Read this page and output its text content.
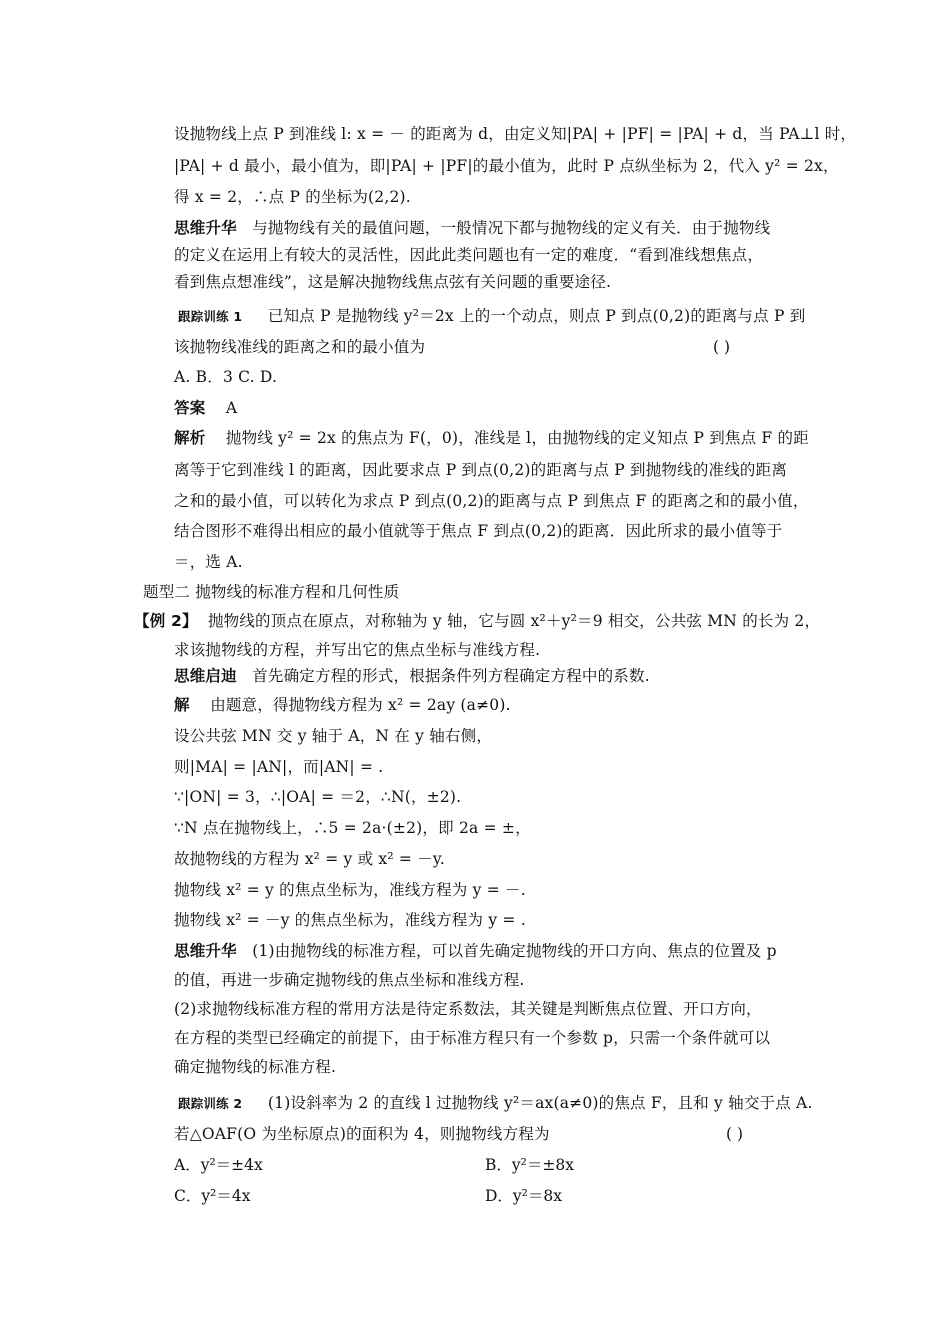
设抛物线上点 P 到准线 l: x = － 的距离为 d，由定义知|PA| + |PF| = |PA| + d，当 PA⊥l 时，
|PA| + d 最小，最小值为，即|PA| + |PF|的最小值为，此时 P 点纵坐标为 2，代入 y² = 2x，
得 x = 2，∴点 P 的坐标为(2,2).
思维升华 与抛物线有关的最值问题，一般情况下都与抛物线的定义有关．由于抛物线
的定义在运用上有较大的灵活性，因此此类问题也有一定的难度．“看到准线想焦点，
看到焦点想准线”，这是解决抛物线焦点弦有关问题的重要途径.
跟踪训练 1 已知点 P 是抛物线 y²＝2x 上的一个动点，则点 P 到点(0,2)的距离与点 P 到
该抛物线准线的距离之和的最小值为	( )
A. B．3 C. D.
答案 A
解析 抛物线 y² = 2x 的焦点为 F(，0)，准线是 l，由抛物线的定义知点 P 到焦点 F 的距
离等于它到准线 l 的距离，因此要求点 P 到点(0,2)的距离与点 P 到抛物线的准线的距离
之和的最小值，可以转化为求点 P 到点(0,2)的距离与点 P 到焦点 F 的距离之和的最小值，
结合图形不难得出相应的最小值就等于焦点 F 到点(0,2)的距离．因此所求的最小值等于
＝，选 A.
题型二 抛物线的标准方程和几何性质
【例 2】 抛物线的顶点在原点，对称轴为 y 轴，它与圆 x²＋y²＝9 相交，公共弦 MN 的长为 2，
求该抛物线的方程，并写出它的焦点坐标与准线方程.
思维启迪 首先确定方程的形式，根据条件列方程确定方程中的系数.
解 由题意，得抛物线方程为 x² = 2ay (a≠0).
设公共弦 MN 交 y 轴于 A，N 在 y 轴右侧，
则|MA| = |AN|，而|AN| = .
∵|ON| = 3，∴|OA| = ＝2，∴N(，±2).
∵N 点在抛物线上，∴5 = 2a·(±2)，即 2a = ±，
故抛物线的方程为 x² = y 或 x² = －y.
抛物线 x² = y 的焦点坐标为，准线方程为 y = －.
抛物线 x² = －y 的焦点坐标为，准线方程为 y = .
思维升华 (1)由抛物线的标准方程，可以首先确定抛物线的开口方向、焦点的位置及 p
的值，再进一步确定抛物线的焦点坐标和准线方程.
(2)求抛物线标准方程的常用方法是待定系数法，其关键是判断焦点位置、开口方向，
在方程的类型已经确定的前提下，由于标准方程只有一个参数 p，只需一个条件就可以
确定抛物线的标准方程.
跟踪训练 2 (1)设斜率为 2 的直线 l 过抛物线 y²＝ax(a≠0)的焦点 F，且和 y 轴交于点 A.
若△OAF(O 为坐标原点)的面积为 4，则抛物线方程为	( )
A．y²＝±4x	B．y²＝±8x
C．y²＝4x	D．y²＝8x
